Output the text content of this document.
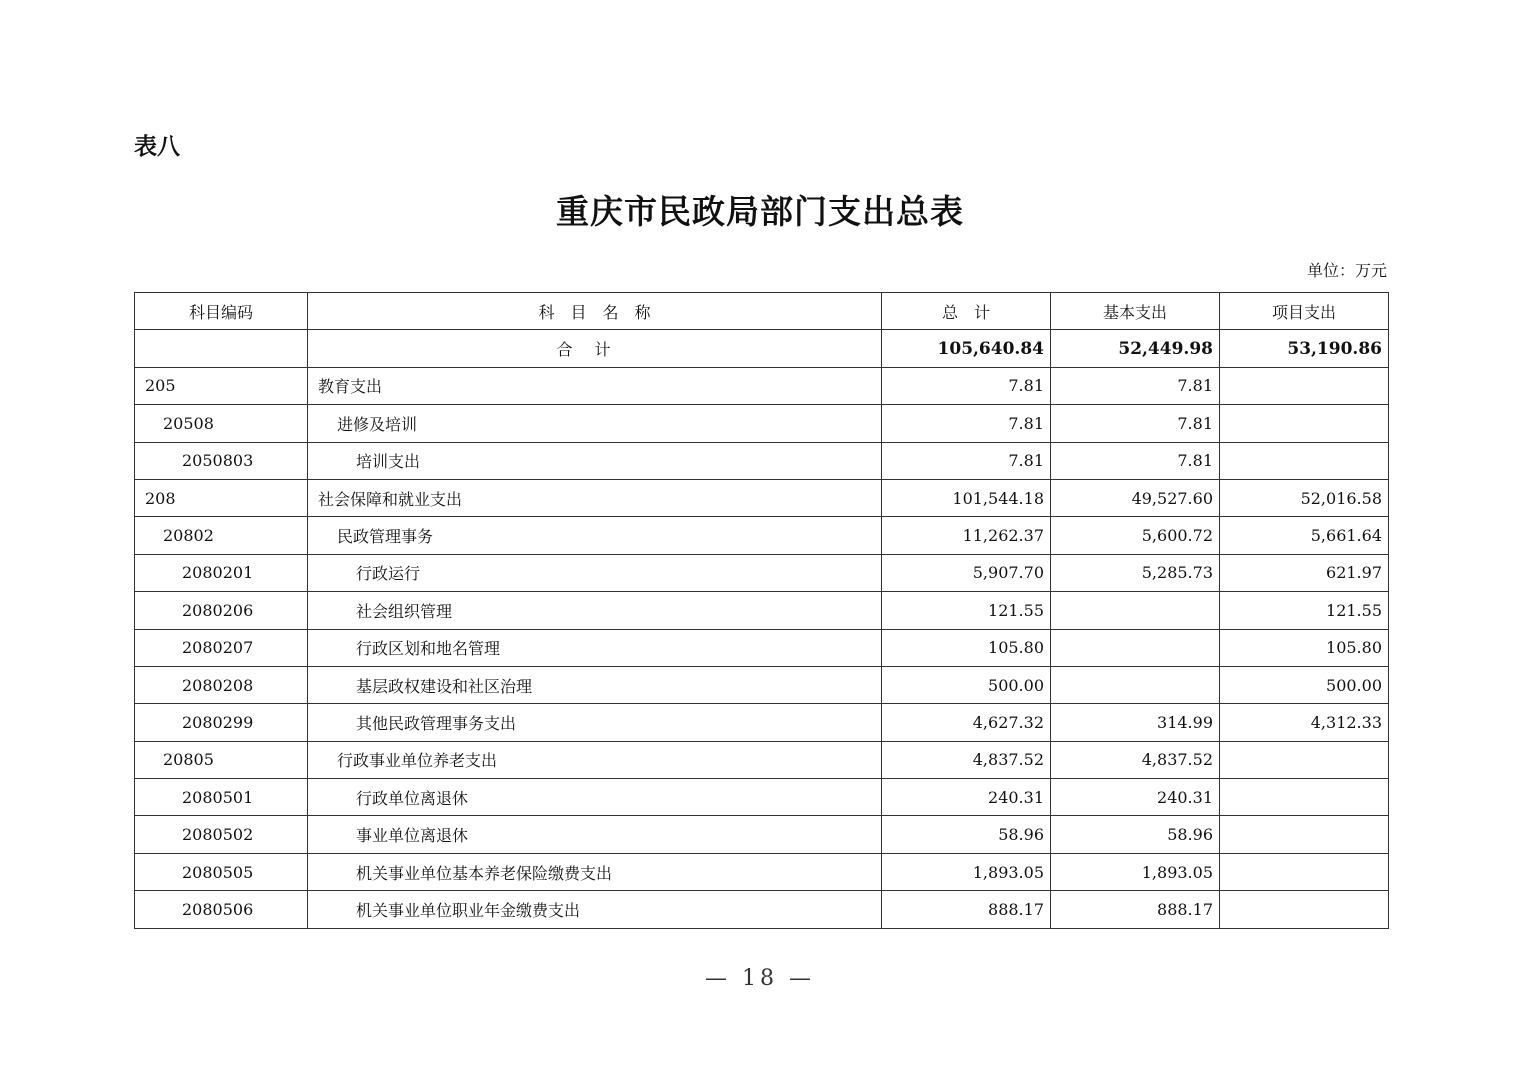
表八
重庆市民政局部门支出总表
单位：万元
科目编码	科　目　名　称	总　计	基本支出	项目支出
	合计	105,640.84	52,449.98	53,190.86
205	教育支出	7.81	7.81	
20508	进修及培训	7.81	7.81	
2050803	培训支出	7.81	7.81	
208	社会保障和就业支出	101,544.18	49,527.60	52,016.58
20802	民政管理事务	11,262.37	5,600.72	5,661.64
2080201	行政运行	5,907.70	5,285.73	621.97
2080206	社会组织管理	121.55		121.55
2080207	行政区划和地名管理	105.80		105.80
2080208	基层政权建设和社区治理	500.00		500.00
2080299	其他民政管理事务支出	4,627.32	314.99	4,312.33
20805	行政事业单位养老支出	4,837.52	4,837.52	
2080501	行政单位离退休	240.31	240.31	
2080502	事业单位离退休	58.96	58.96	
2080505	机关事业单位基本养老保险缴费支出	1,893.05	1,893.05	
2080506	机关事业单位职业年金缴费支出	888.17	888.17	
— 18 —
